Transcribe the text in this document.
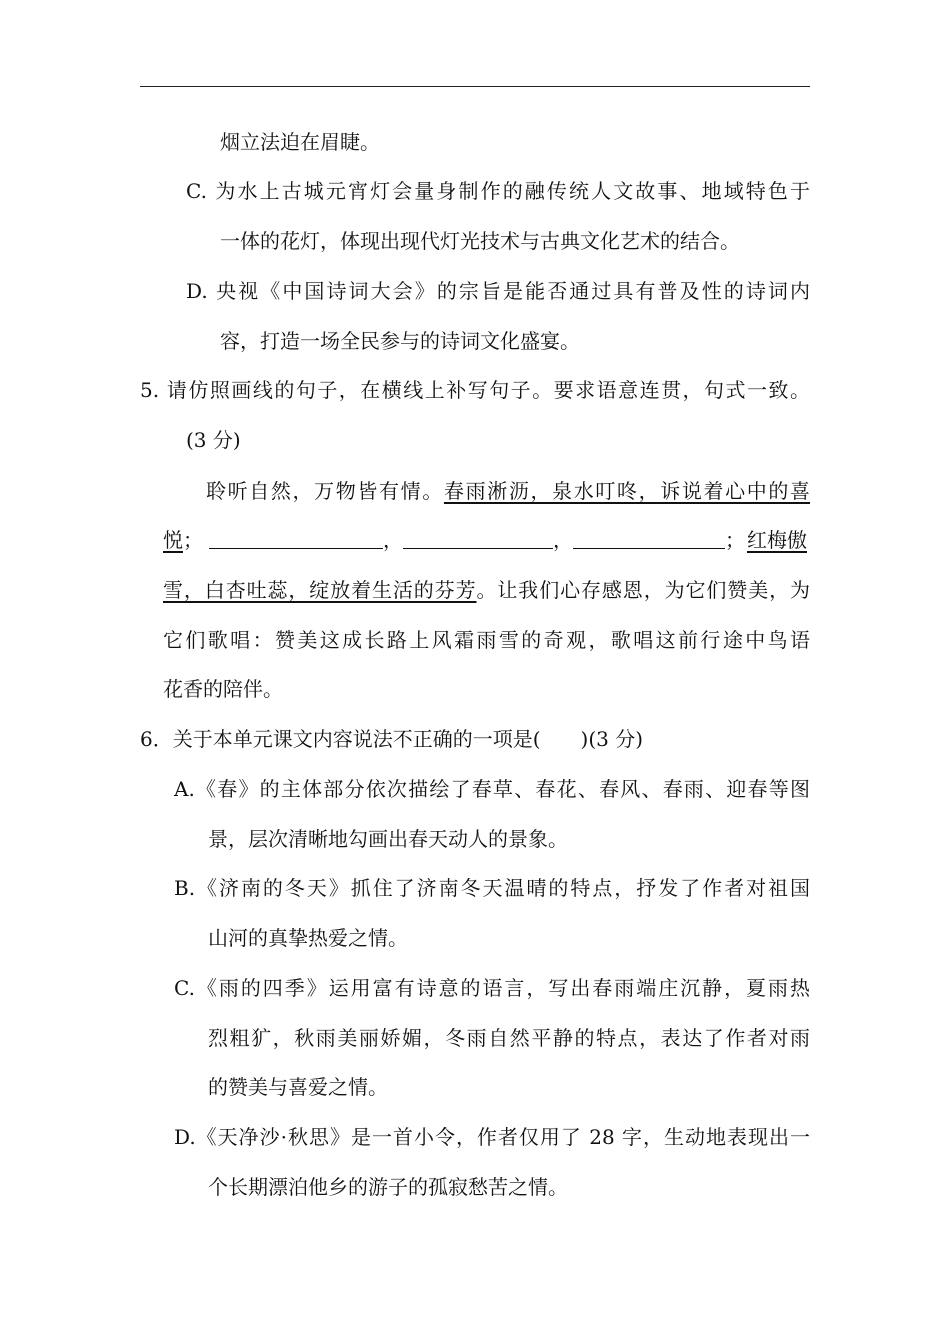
烟立法迫在眉睫。
C. 为水上古城元宵灯会量身制作的融传统人文故事、地域特色于
一体的花灯，体现出现代灯光技术与古典文化艺术的结合。
D. 央视《中国诗词大会》的宗旨是能否通过具有普及性的诗词内
容，打造一场全民参与的诗词文化盛宴。
5. 请仿照画线的句子，在横线上补写句子。要求语意连贯，句式一致。
(3 分)
聆听自然，万物皆有情。春雨淅沥，泉水叮咚，诉说着心中的喜
悦；	，	，	； 红梅傲
雪，白杏吐蕊，绽放着生活的芬芳。让我们心存感恩，为它们赞美，为
它们歌唱：赞美这成长路上风霜雨雪的奇观，歌唱这前行途中鸟语
花香的陪伴。
6．关于本单元课文内容说法不正确的一项是(　　)(3 分)
A.《春》的主体部分依次描绘了春草、春花、春风、春雨、迎春等图
景，层次清晰地勾画出春天动人的景象。
B.《济南的冬天》抓住了济南冬天温晴的特点，抒发了作者对祖国
山河的真挚热爱之情。
C.《雨的四季》运用富有诗意的语言，写出春雨端庄沉静，夏雨热
烈粗犷，秋雨美丽娇媚，冬雨自然平静的特点，表达了作者对雨
的赞美与喜爱之情。
D.《天净沙·秋思》是一首小令，作者仅用了 28 字，生动地表现出一
个长期漂泊他乡的游子的孤寂愁苦之情。
